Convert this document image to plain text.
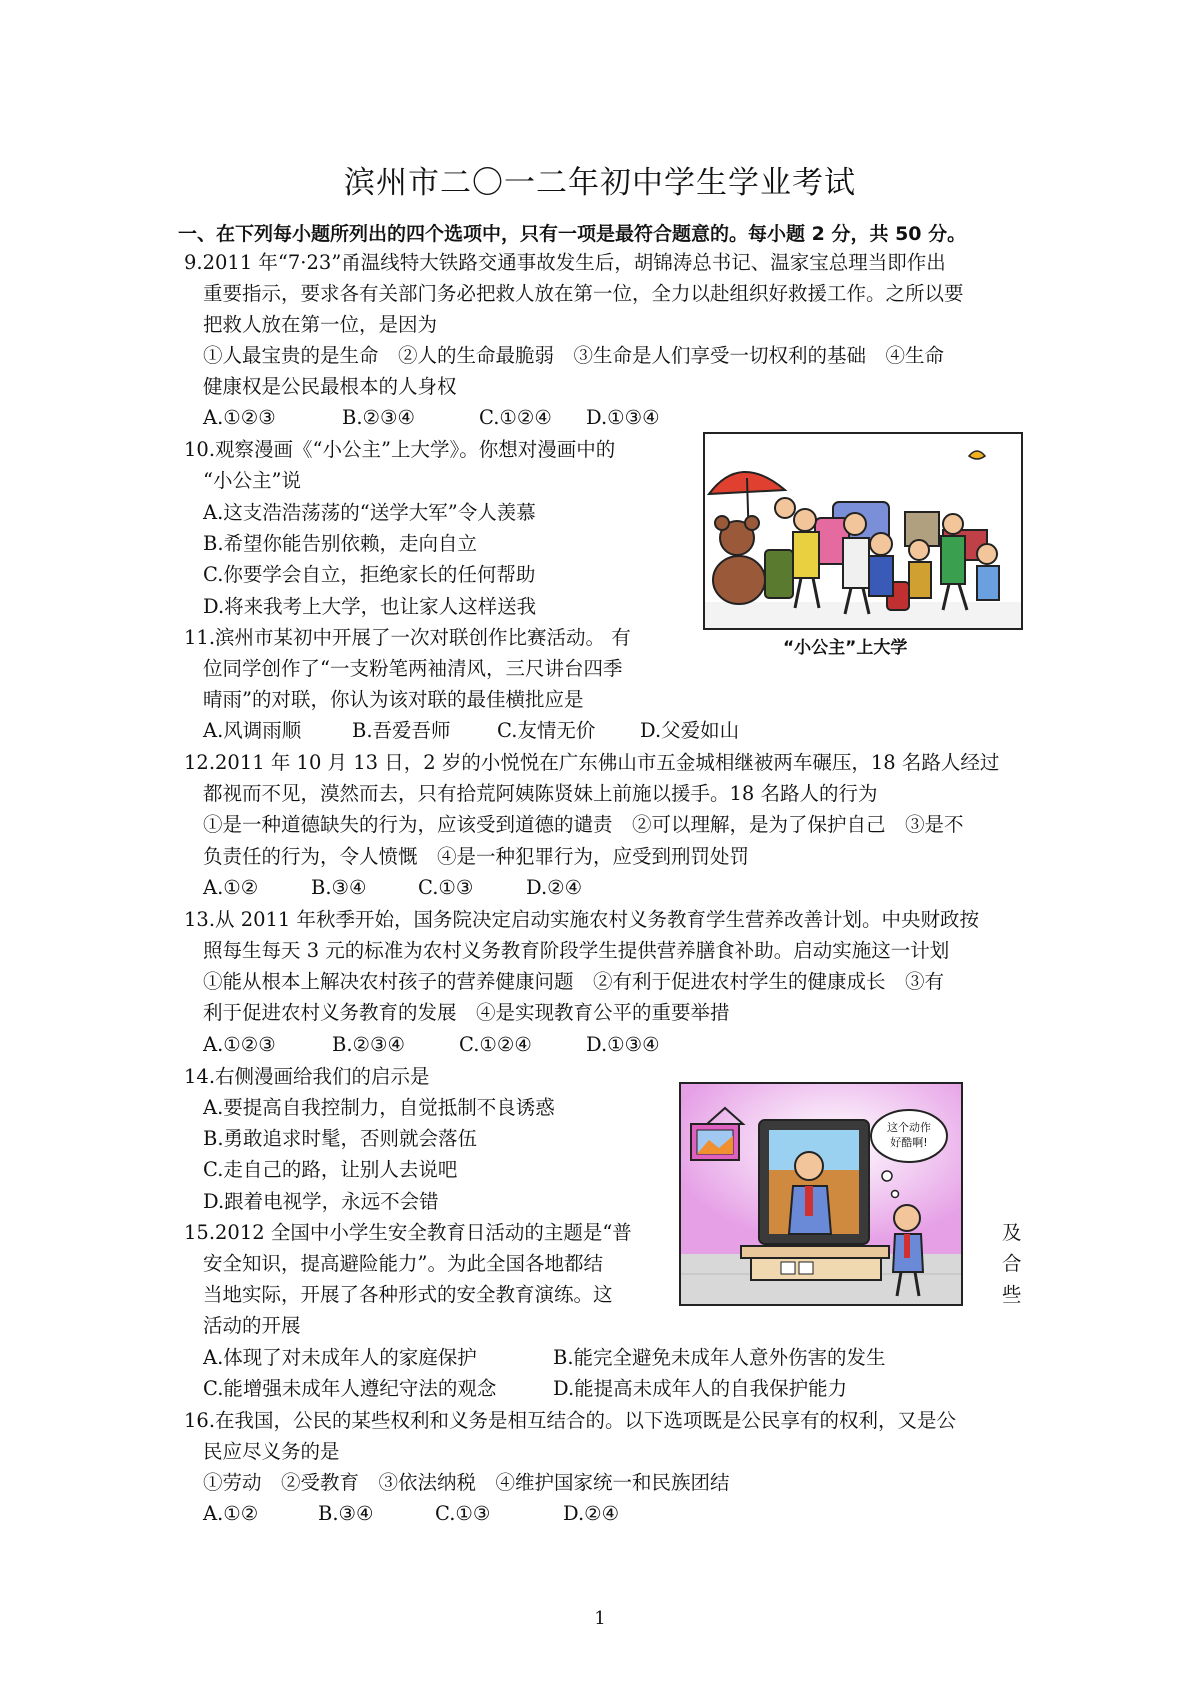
滨州市二〇一二年初中学生学业考试
一、在下列每小题所列出的四个选项中，只有一项是最符合题意的。每小题 2 分，共 50 分。
9.2011 年“7·23”甬温线特大铁路交通事故发生后，胡锦涛总书记、温家宝总理当即作出
重要指示，要求各有关部门务必把救人放在第一位，全力以赴组织好救援工作。之所以要
把救人放在第一位，是因为
①人最宝贵的是生命　②人的生命最脆弱　③生命是人们享受一切权利的基础　④生命
健康权是公民最根本的人身权
A.①②③	B.②③④	C.①②④ D.①③④
10.观察漫画《“小公主”上大学》。你想对漫画中的
“小公主”说
A.这支浩浩荡荡的“送学大军”令人羡慕
B.希望你能告别依赖，走向自立
C.你要学会自立，拒绝家长的任何帮助
D.将来我考上大学，也让家人这样送我
“小公主”上大学
11.滨州市某初中开展了一次对联创作比赛活动。 有
位同学创作了“一支粉笔两袖清风，三尺讲台四季
晴雨”的对联，你认为该对联的最佳横批应是
A.风调雨顺	B.吾爱吾师 C.友情无价 D.父爱如山
12.2011 年 10 月 13 日，2 岁的小悦悦在广东佛山市五金城相继被两车碾压，18 名路人经过
都视而不见，漠然而去，只有拾荒阿姨陈贤妹上前施以援手。18 名路人的行为
①是一种道德缺失的行为，应该受到道德的谴责　②可以理解，是为了保护自己　③是不
负责任的行为，令人愤慨　④是一种犯罪行为，应受到刑罚处罚
A.①②	B.③④	C.①③	D.②④
13.从 2011 年秋季开始，国务院决定启动实施农村义务教育学生营养改善计划。中央财政按
照每生每天 3 元的标准为农村义务教育阶段学生提供营养膳食补助。启动实施这一计划
①能从根本上解决农村孩子的营养健康问题　②有利于促进农村学生的健康成长　③有
利于促进农村义务教育的发展　④是实现教育公平的重要举措
A.①②③	B.②③④	C.①②④	D.①③④
14.右侧漫画给我们的启示是
A.要提高自我控制力，自觉抵制不良诱惑
B.勇敢追求时髦，否则就会落伍
C.走自己的路，让别人去说吧
D.跟着电视学，永远不会错
这个动作
好酷啊!
15.2012 全国中小学生安全教育日活动的主题是“普
安全知识，提高避险能力”。为此全国各地都结
当地实际，开展了各种形式的安全教育演练。这
活动的开展
及
合
些
A.体现了对未成年人的家庭保护	B.能完全避免未成年人意外伤害的发生
C.能增强未成年人遵纪守法的观念	D.能提高未成年人的自我保护能力
16.在我国，公民的某些权利和义务是相互结合的。以下选项既是公民享有的权利，又是公
民应尽义务的是
①劳动　②受教育　③依法纳税　④维护国家统一和民族团结
A.①②	B.③④	C.①③	D.②④
1
